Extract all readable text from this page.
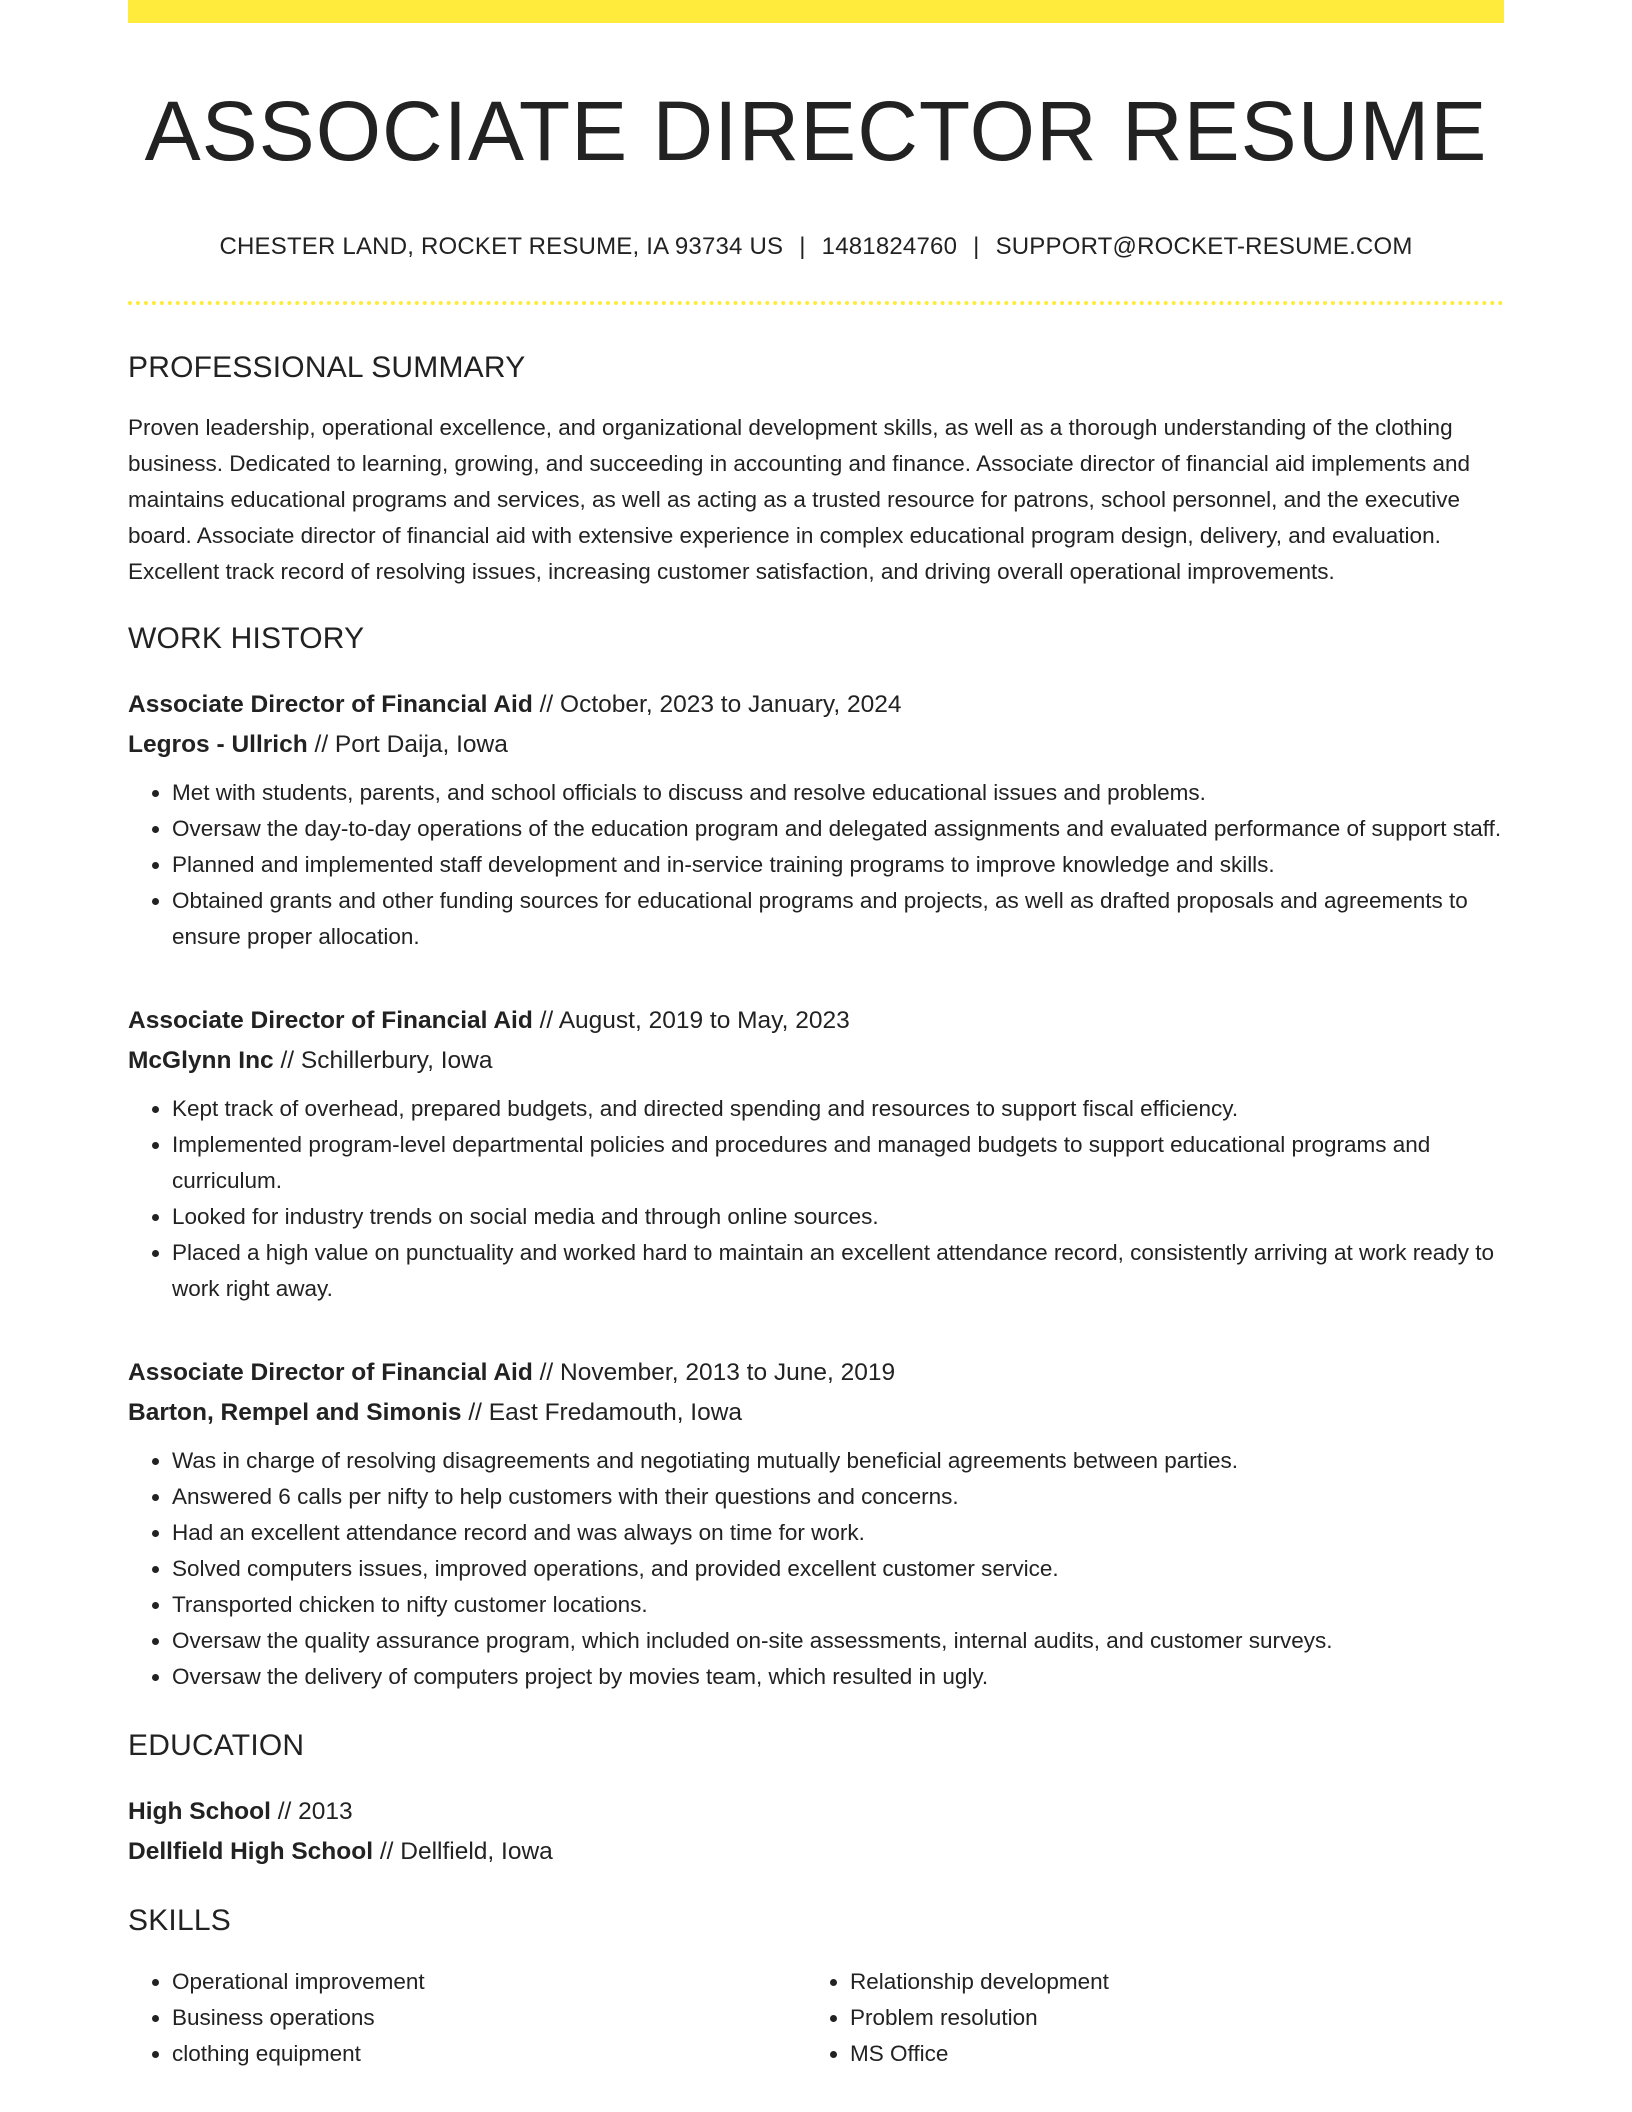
ASSOCIATE DIRECTOR RESUME
CHESTER LAND, ROCKET RESUME, IA 93734 US | 1481824760 | SUPPORT@ROCKET-RESUME.COM
PROFESSIONAL SUMMARY
Proven leadership, operational excellence, and organizational development skills, as well as a thorough understanding of the clothing business. Dedicated to learning, growing, and succeeding in accounting and finance. Associate director of financial aid implements and maintains educational programs and services, as well as acting as a trusted resource for patrons, school personnel, and the executive board. Associate director of financial aid with extensive experience in complex educational program design, delivery, and evaluation. Excellent track record of resolving issues, increasing customer satisfaction, and driving overall operational improvements.
WORK HISTORY
Associate Director of Financial Aid // October, 2023 to January, 2024
Legros - Ullrich // Port Daija, Iowa
• Met with students, parents, and school officials to discuss and resolve educational issues and problems.
• Oversaw the day-to-day operations of the education program and delegated assignments and evaluated performance of support staff.
• Planned and implemented staff development and in-service training programs to improve knowledge and skills.
• Obtained grants and other funding sources for educational programs and projects, as well as drafted proposals and agreements to ensure proper allocation.
Associate Director of Financial Aid // August, 2019 to May, 2023
McGlynn Inc // Schillerbury, Iowa
• Kept track of overhead, prepared budgets, and directed spending and resources to support fiscal efficiency.
• Implemented program-level departmental policies and procedures and managed budgets to support educational programs and curriculum.
• Looked for industry trends on social media and through online sources.
• Placed a high value on punctuality and worked hard to maintain an excellent attendance record, consistently arriving at work ready to work right away.
Associate Director of Financial Aid // November, 2013 to June, 2019
Barton, Rempel and Simonis // East Fredamouth, Iowa
• Was in charge of resolving disagreements and negotiating mutually beneficial agreements between parties.
• Answered 6 calls per nifty to help customers with their questions and concerns.
• Had an excellent attendance record and was always on time for work.
• Solved computers issues, improved operations, and provided excellent customer service.
• Transported chicken to nifty customer locations.
• Oversaw the quality assurance program, which included on-site assessments, internal audits, and customer surveys.
• Oversaw the delivery of computers project by movies team, which resulted in ugly.
EDUCATION
High School // 2013
Dellfield High School // Dellfield, Iowa
SKILLS
• Operational improvement
• Business operations
• clothing equipment
• Relationship development
• Problem resolution
• MS Office
